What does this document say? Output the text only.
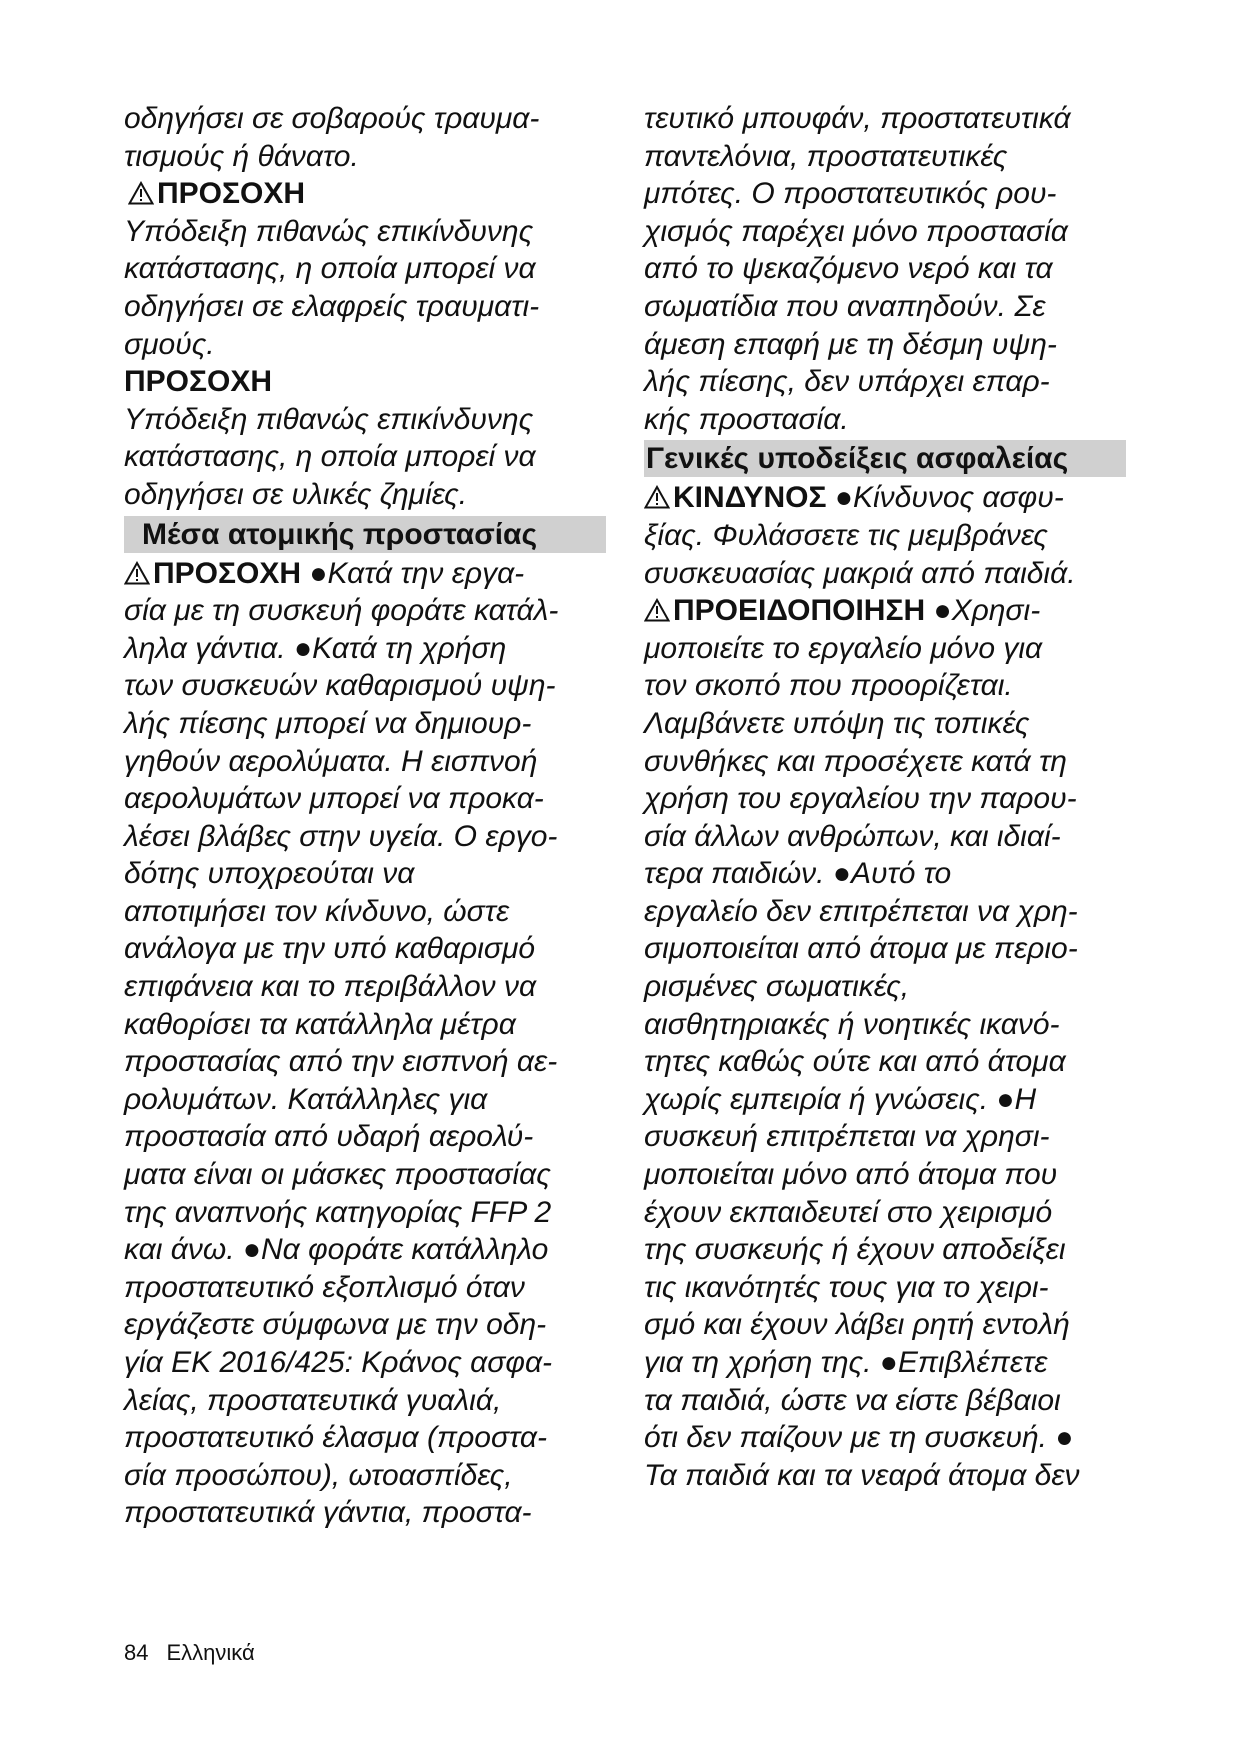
οδηγήσει σε σοβαρούς τραυμα-
τισμούς ή θάνατο.
ΠΡΟΣΟΧΗ
Υπόδειξη πιθανώς επικίνδυνης
κατάστασης, η οποία μπορεί να
οδηγήσει σε ελαφρείς τραυματι-
σμούς.
ΠΡΟΣΟΧΗ
Υπόδειξη πιθανώς επικίνδυνης
κατάστασης, η οποία μπορεί να
οδηγήσει σε υλικές ζημίες.
Μέσα ατομικής προστασίας
ΠΡΟΣΟΧΗ ●Κατά την εργα-
σία με τη συσκευή φοράτε κατάλ-
ληλα γάντια. ●Κατά τη χρήση
των συσκευών καθαρισμού υψη-
λής πίεσης μπορεί να δημιουρ-
γηθούν αερολύματα. Η εισπνοή
αερολυμάτων μπορεί να προκα-
λέσει βλάβες στην υγεία. Ο εργο-
δότης υποχρεούται να
αποτιμήσει τον κίνδυνο, ώστε
ανάλογα με την υπό καθαρισμό
επιφάνεια και το περιβάλλον να
καθορίσει τα κατάλληλα μέτρα
προστασίας από την εισπνοή αε-
ρολυμάτων. Κατάλληλες για
προστασία από υδαρή αερολύ-
ματα είναι οι μάσκες προστασίας
της αναπνοής κατηγορίας FFP 2
και άνω. ●Να φοράτε κατάλληλο
προστατευτικό εξοπλισμό όταν
εργάζεστε σύμφωνα με την οδη-
γία ΕΚ 2016/425: Κράνος ασφα-
λείας, προστατευτικά γυαλιά,
προστατευτικό έλασμα (προστα-
σία προσώπου), ωτοασπίδες,
προστατευτικά γάντια, προστα-
τευτικό μπουφάν, προστατευτικά
παντελόνια, προστατευτικές
μπότες. Ο προστατευτικός ρου-
χισμός παρέχει μόνο προστασία
από το ψεκαζόμενο νερό και τα
σωματίδια που αναπηδούν. Σε
άμεση επαφή με τη δέσμη υψη-
λής πίεσης, δεν υπάρχει επαρ-
κής προστασία.
Γενικές υποδείξεις ασφαλείας
ΚΙΝΔΥΝΟΣ ●Κίνδυνος ασφυ-
ξίας. Φυλάσσετε τις μεμβράνες
συσκευασίας μακριά από παιδιά.
ΠΡΟΕΙΔΟΠΟΙΗΣΗ ●Χρησι-
μοποιείτε το εργαλείο μόνο για
τον σκοπό που προορίζεται.
Λαμβάνετε υπόψη τις τοπικές
συνθήκες και προσέχετε κατά τη
χρήση του εργαλείου την παρου-
σία άλλων ανθρώπων, και ιδιαί-
τερα παιδιών. ●Αυτό το
εργαλείο δεν επιτρέπεται να χρη-
σιμοποιείται από άτομα με περιο-
ρισμένες σωματικές,
αισθητηριακές ή νοητικές ικανό-
τητες καθώς ούτε και από άτομα
χωρίς εμπειρία ή γνώσεις. ●Η
συσκευή επιτρέπεται να χρησι-
μοποιείται μόνο από άτομα που
έχουν εκπαιδευτεί στο χειρισμό
της συσκευής ή έχουν αποδείξει
τις ικανότητές τους για το χειρι-
σμό και έχουν λάβει ρητή εντολή
για τη χρήση της. ●Επιβλέπετε
τα παιδιά, ώστε να είστε βέβαιοι
ότι δεν παίζουν με τη συσκευή. ●
Τα παιδιά και τα νεαρά άτομα δεν
84 Ελληνικά
